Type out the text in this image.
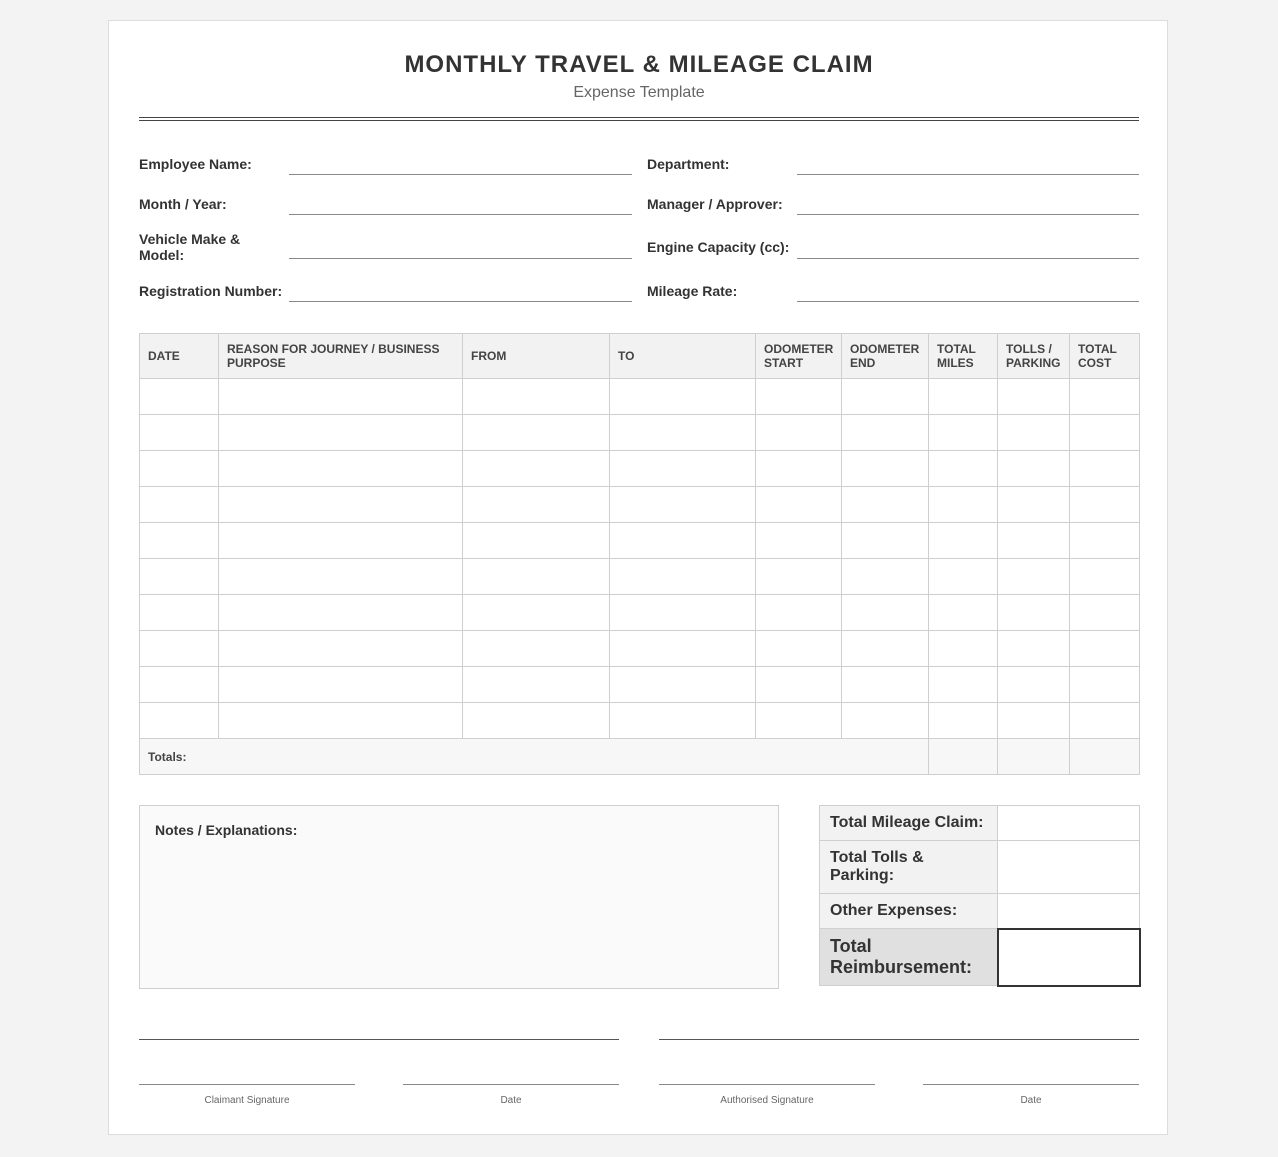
MONTHLY TRAVEL & MILEAGE CLAIM
Expense Template
Employee Name:
Month / Year:
Vehicle Make & Model:
Registration Number:
Department:
Manager / Approver:
Engine Capacity (cc):
Mileage Rate:
DATE	REASON FOR JOURNEY / BUSINESS PURPOSE	FROM	TO	ODOMETER START	ODOMETER END	TOTAL MILES	TOLLS / PARKING	TOTAL COST

Totals:								
Notes / Explanations:	Total Mileage Claim:	
Total Tolls & Parking:	
Other Expenses:	
Total Reimbursement:	
Claimant Signature	Date	Authorised Signature	Date
